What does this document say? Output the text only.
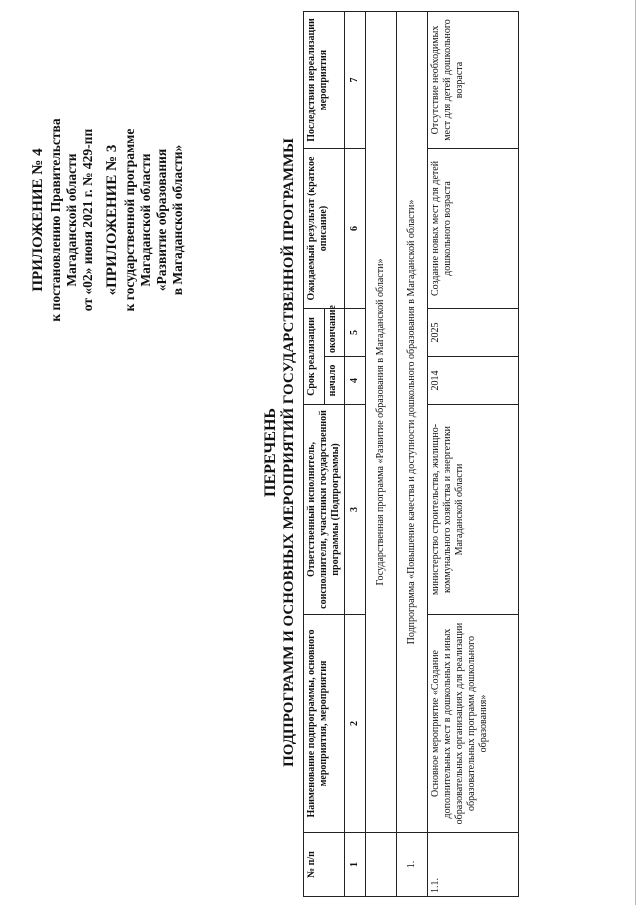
ПРИЛОЖЕНИЕ № 4 к постановлению Правительства Магаданской области от «02» июня 2021 г. № 429-пп «ПРИЛОЖЕНИЕ № 3 к государственной программе Магаданской области «Развитие образования в Магаданской области»
ПЕРЕЧЕНЬ ПОДПРОГРАММ И ОСНОВНЫХ МЕРОПРИЯТИЙ ГОСУДАРСТВЕННОЙ ПРОГРАММЫ
№ п/п	Наименование подпрограммы, основного мероприятия, мероприятия	Ответственный исполнитель, соисполнители, участники государственной программы (Подпрограммы)	Срок реализации		Ожидаемый результат (краткое описание)	Последствия нереализации мероприятия
			начало	окончание		
1	2	3	4	5	6	7
	Государственная программа «Развитие образования в Магаданской области»					
1.	Подпрограмма «Повышение качества и доступности дошкольного образования в Магаданской области»					
1.1.	Основное мероприятие «Создание дополнительных мест в дошкольных и иных образовательных организациях для реализации образовательных программ дошкольного образования»	министерство строительства, жилищно-коммунального хозяйства и энергетики Магаданской области	2014	2025	Создание новых мест для детей дошкольного возраста	Отсутствие необходимых мест для детей дошкольного возраста
